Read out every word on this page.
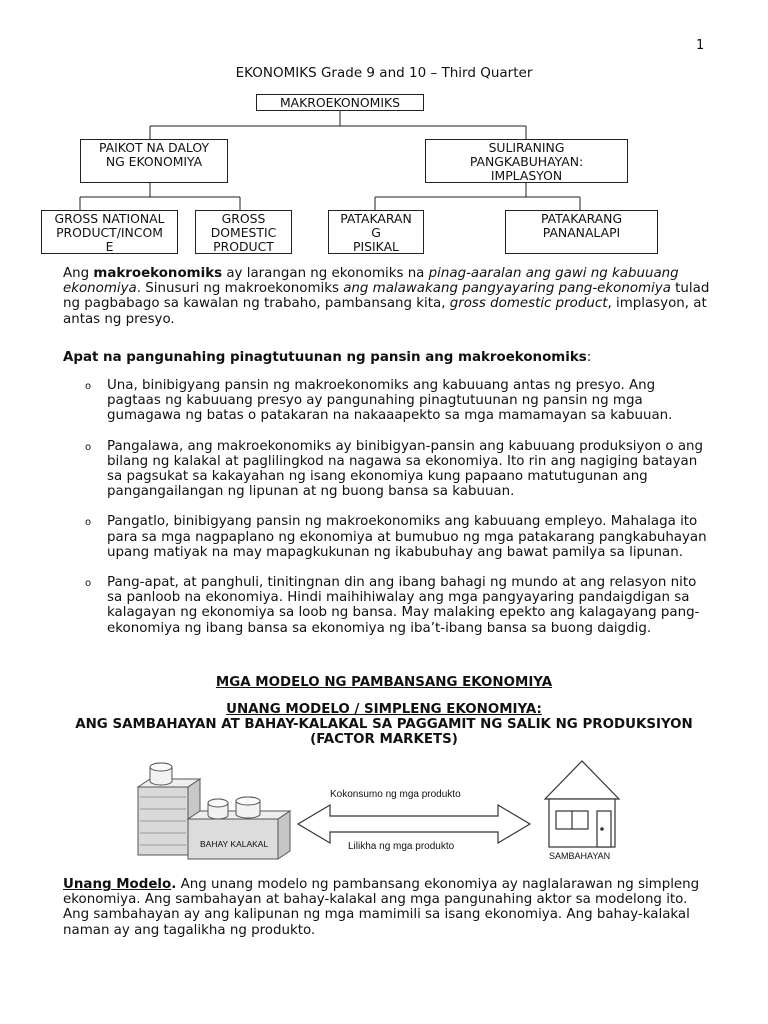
1
EKONOMIKS Grade 9 and 10 – Third Quarter
MAKROEKONOMIKS
PAIKOT NA DALOY
NG EKONOMIYA
SULIRANING
PANGKABUHAYAN:
IMPLASYON
GROSS NATIONAL
PRODUCT/INCOM
E
GROSS
DOMESTIC
PRODUCT
PATAKARAN
G
PISIKAL
PATAKARANG
PANANALAPI
Ang makroekonomiks ay larangan ng ekonomiks na pinag-aaralan ang gawi ng kabuuang ekonomiya. Sinusuri ng makroekonomiks ang malawakang pangyayaring pang-ekonomiya tulad ng pagbabago sa kawalan ng trabaho, pambansang kita, gross domestic product, implasyon, at antas ng presyo.
Apat na pangunahing pinagtutuunan ng pansin ang makroekonomiks:
o Una, binibigyang pansin ng makroekonomiks ang kabuuang antas ng presyo. Ang pagtaas ng kabuuang presyo ay pangunahing pinagtutuunan ng pansin ng mga gumagawa ng batas o patakaran na nakaaapekto sa mga mamamayan sa kabuuan.
o Pangalawa, ang makroekonomiks ay binibigyan-pansin ang kabuuang produksiyon o ang bilang ng kalakal at paglilingkod na nagawa sa ekonomiya. Ito rin ang nagiging batayan sa pagsukat sa kakayahan ng isang ekonomiya kung papaano matutugunan ang pangangailangan ng lipunan at ng buong bansa sa kabuuan.
o Pangatlo, binibigyang pansin ng makroekonomiks ang kabuuang empleyo. Mahalaga ito para sa mga nagpaplano ng ekonomiya at bumubuo ng mga patakarang pangkabuhayan upang matiyak na may mapagkukunan ng ikabubuhay ang bawat pamilya sa lipunan.
o Pang-apat, at panghuli, tinitingnan din ang ibang bahagi ng mundo at ang relasyon nito sa panloob na ekonomiya. Hindi maihihiwalay ang mga pangyayaring pandaigdigan sa kalagayan ng ekonomiya sa loob ng bansa. May malaking epekto ang kalagayang pang-ekonomiya ng ibang bansa sa ekonomiya ng iba’t-ibang bansa sa buong daigdig.
MGA MODELO NG PAMBANSANG EKONOMIYA
UNANG MODELO / SIMPLENG EKONOMIYA:
ANG SAMBAHAYAN AT BAHAY-KALAKAL SA PAGGAMIT NG SALIK NG PRODUKSIYON
(FACTOR MARKETS)
BAHAY KALAKAL
Kokonsumo ng mga produkto
Lilikha ng mga produkto
SAMBAHAYAN
Unang Modelo. Ang unang modelo ng pambansang ekonomiya ay naglalarawan ng simpleng ekonomiya. Ang sambahayan at bahay-kalakal ang mga pangunahing aktor sa modelong ito. Ang sambahayan ay ang kalipunan ng mga mamimili sa isang ekonomiya. Ang bahay-kalakal naman ay ang tagalikha ng produkto.
